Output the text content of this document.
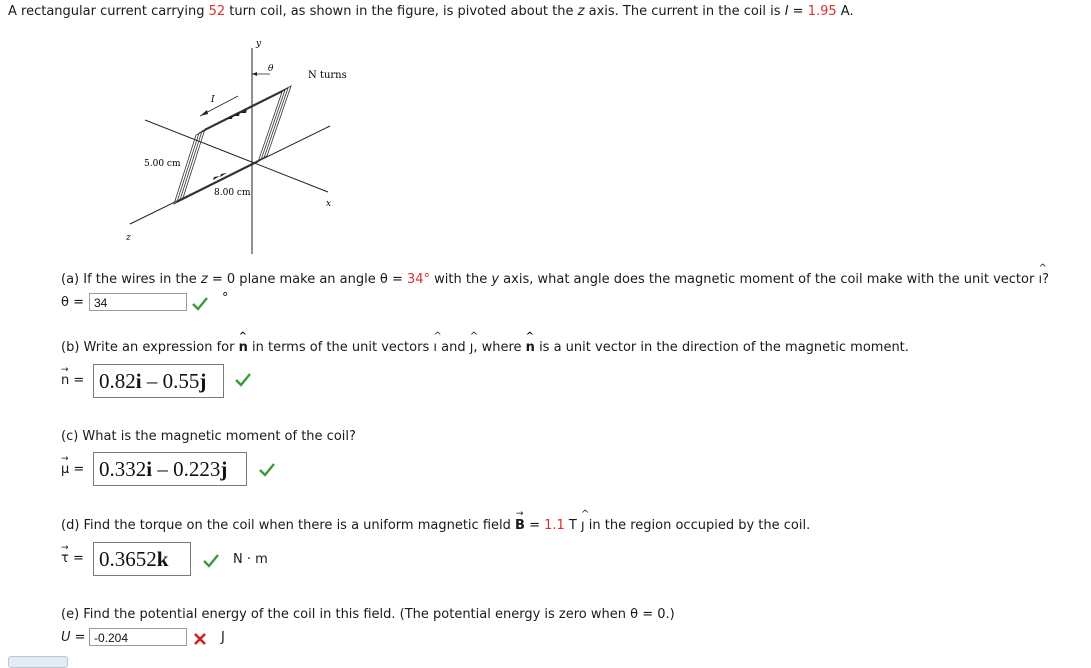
A rectangular current carrying 52 turn coil, as shown in the figure, is pivoted about the z axis. The current in the coil is I = 1.95 A.
y
θ
N turns
I
5.00 cm
8.00 cm
x
z
(a) If the wires in the z = 0 plane make an angle θ = 34° with the y axis, what angle does the magnetic moment of the coil make with the unit vector ı
^
?
θ = 34	°
(b) Write an expression for n
^
in terms of the unit vectors ı
^
and ȷ
^
, where n
^
is a unit vector in the direction of the magnetic moment.
n
→
= 0.82i – 0.55j
(c) What is the magnetic moment of the coil?
μ
→
= 0.332i – 0.223j
(d) Find the torque on the coil when there is a uniform magnetic field B
→
= 1.1 T ȷ
^
in the region occupied by the coil.
τ
→
= 0.3652k	N · m
(e) Find the potential energy of the coil in this field. (The potential energy is zero when θ = 0.)
U = -0.204	J
